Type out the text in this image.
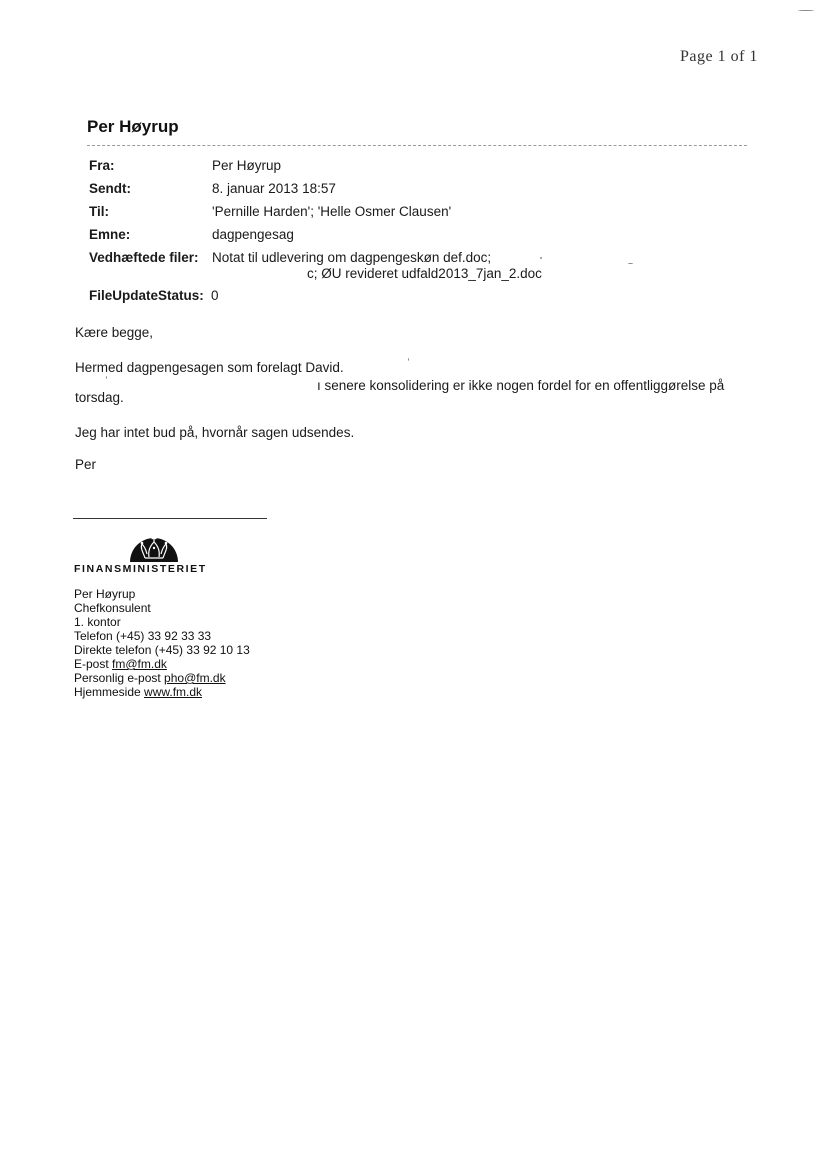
Page 1 of 1
Per Høyrup
Fra:	Per Høyrup
Sendt:	8. januar 2013 18:57
Til:	'Pernille Harden'; 'Helle Osmer Clausen'
Emne:	dagpengesag
Vedhæftede filer: Notat til udlevering om dagpengeskøn def.doc;
c; ØU revideret udfald2013_7jan_2.doc
FileUpdateStatus: 0
Kære begge,
Hermed dagpengesagen som forelagt David.
ı senere konsolidering er ikke nogen fordel for en offentliggørelse på
torsdag.
Jeg har intet bud på, hvornår sagen udsendes.
Per
FINANSMINISTERIET
Per Høyrup
Chefkonsulent
1. kontor
Telefon (+45) 33 92 33 33
Direkte telefon (+45) 33 92 10 13
E-post fm@fm.dk
Personlig e-post pho@fm.dk
Hjemmeside www.fm.dk
